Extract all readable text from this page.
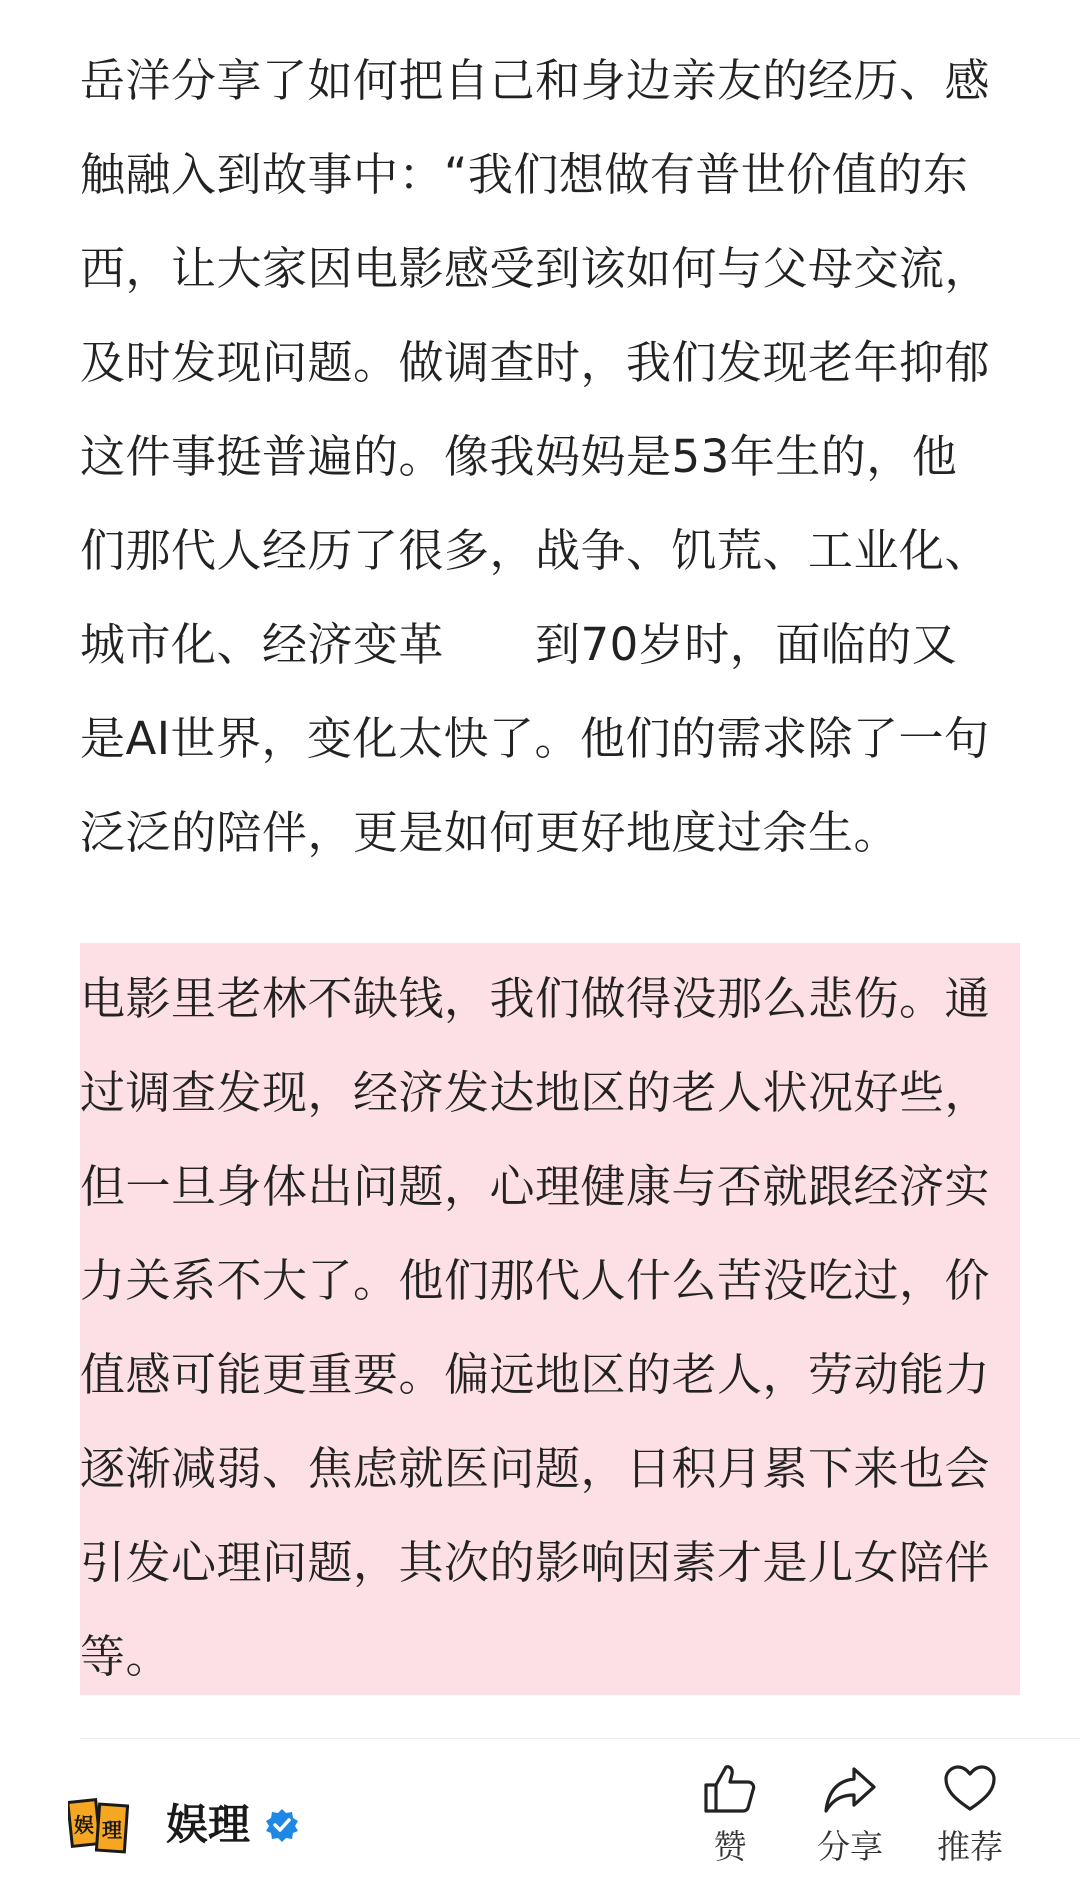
岳洋分享了如何把自己和身边亲友的经历、感触融入到故事中：“我们想做有普世价值的东西，让大家因电影感受到该如何与父母交流，及时发现问题。做调查时，我们发现老年抑郁这件事挺普遍的。像我妈妈是53年生的，他们那代人经历了很多，战争、饥荒、工业化、城市化、经济变革　　到70岁时，面临的又是AI世界，变化太快了。他们的需求除了一句泛泛的陪伴，更是如何更好地度过余生。

电影里老林不缺钱，我们做得没那么悲伤。通过调查发现，经济发达地区的老人状况好些，但一旦身体出问题，心理健康与否就跟经济实力关系不大了。他们那代人什么苦没吃过，价值感可能更重要。偏远地区的老人，劳动能力逐渐减弱、焦虑就医问题，日积月累下来也会引发心理问题，其次的影响因素才是儿女陪伴等。

娱 理 娱理	赞	分享	推荐
